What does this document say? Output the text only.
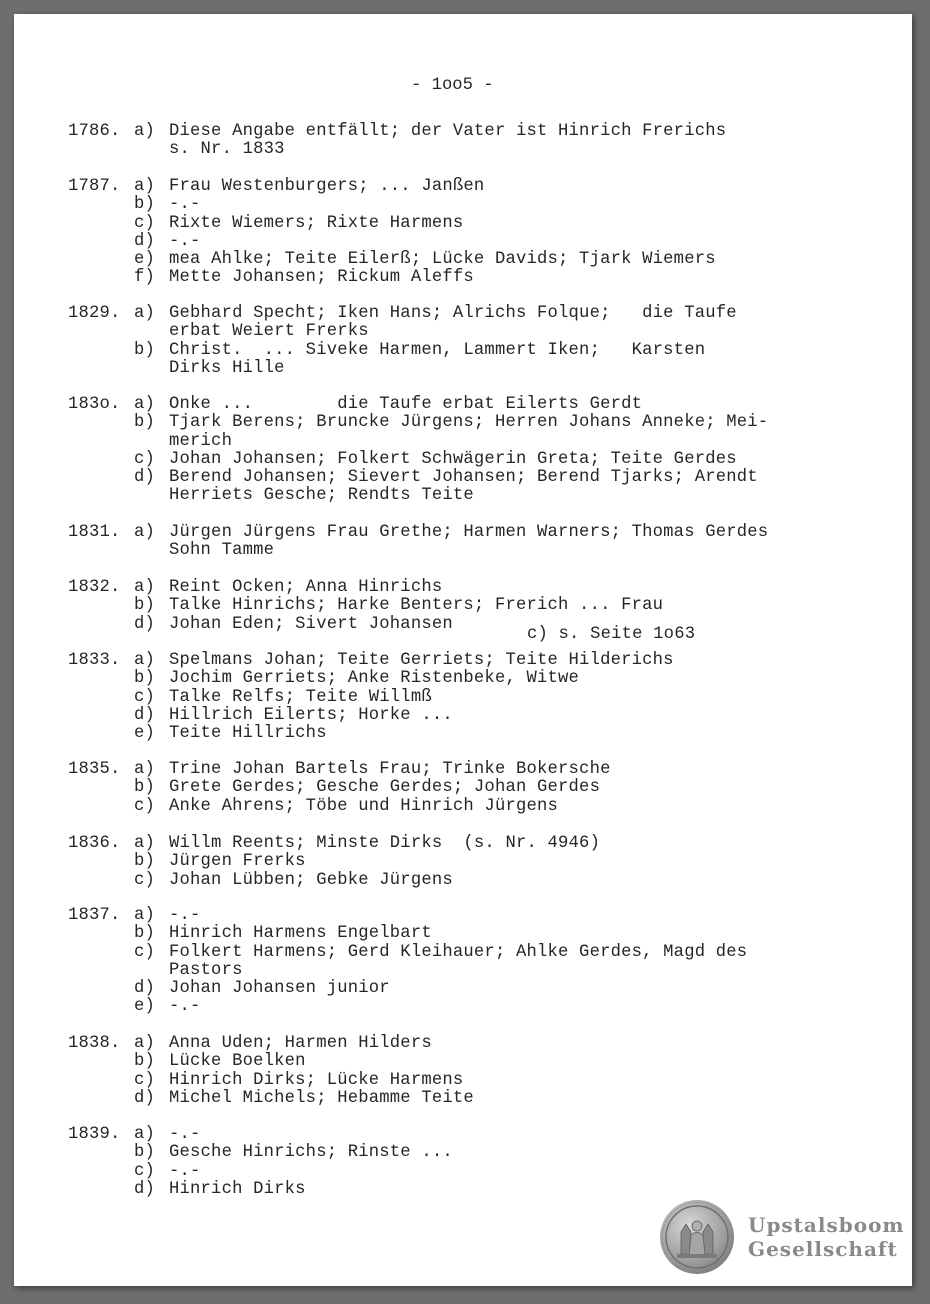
- 1oo5 -
1786. a) Diese Angabe entfällt; der Vater ist Hinrich Frerichs
s. Nr. 1833
1787. a) Frau Westenburgers; ... Janßen
b) -.-
c) Rixte Wiemers; Rixte Harmens
d) -.-
e) mea Ahlke; Teite Eilerß; Lücke Davids; Tjark Wiemers
f) Mette Johansen; Rickum Aleffs
1829. a) Gebhard Specht; Iken Hans; Alrichs Folque;   die Taufe
erbat Weiert Frerks
b) Christ.  ... Siveke Harmen, Lammert Iken;   Karsten
Dirks Hille
183o. a) Onke ...        die Taufe erbat Eilerts Gerdt
b) Tjark Berens; Bruncke Jürgens; Herren Johans Anneke; Mei-
merich
c) Johan Johansen; Folkert Schwägerin Greta; Teite Gerdes
d) Berend Johansen; Sievert Johansen; Berend Tjarks; Arendt
Herriets Gesche; Rendts Teite
1831. a) Jürgen Jürgens Frau Grethe; Harmen Warners; Thomas Gerdes
Sohn Tamme
1832. a) Reint Ocken; Anna Hinrichs
b) Talke Hinrichs; Harke Benters; Frerich ... Frau
d) Johan Eden; Sivert Johansen
c) s. Seite 1o63
1833. a) Spelmans Johan; Teite Gerriets; Teite Hilderichs
b) Jochim Gerriets; Anke Ristenbeke, Witwe
c) Talke Relfs; Teite Willmß
d) Hillrich Eilerts; Horke ...
e) Teite Hillrichs
1835. a) Trine Johan Bartels Frau; Trinke Bokersche
b) Grete Gerdes; Gesche Gerdes; Johan Gerdes
c) Anke Ahrens; Töbe und Hinrich Jürgens
1836. a) Willm Reents; Minste Dirks  (s. Nr. 4946)
b) Jürgen Frerks
c) Johan Lübben; Gebke Jürgens
1837. a) -.-
b) Hinrich Harmens Engelbart
c) Folkert Harmens; Gerd Kleihauer; Ahlke Gerdes, Magd des
Pastors
d) Johan Johansen junior
e) -.-
1838. a) Anna Uden; Harmen Hilders
b) Lücke Boelken
c) Hinrich Dirks; Lücke Harmens
d) Michel Michels; Hebamme Teite
1839. a) -.-
b) Gesche Hinrichs; Rinste ...
c) -.-
d) Hinrich Dirks
Upstalsboom
Gesellschaft
